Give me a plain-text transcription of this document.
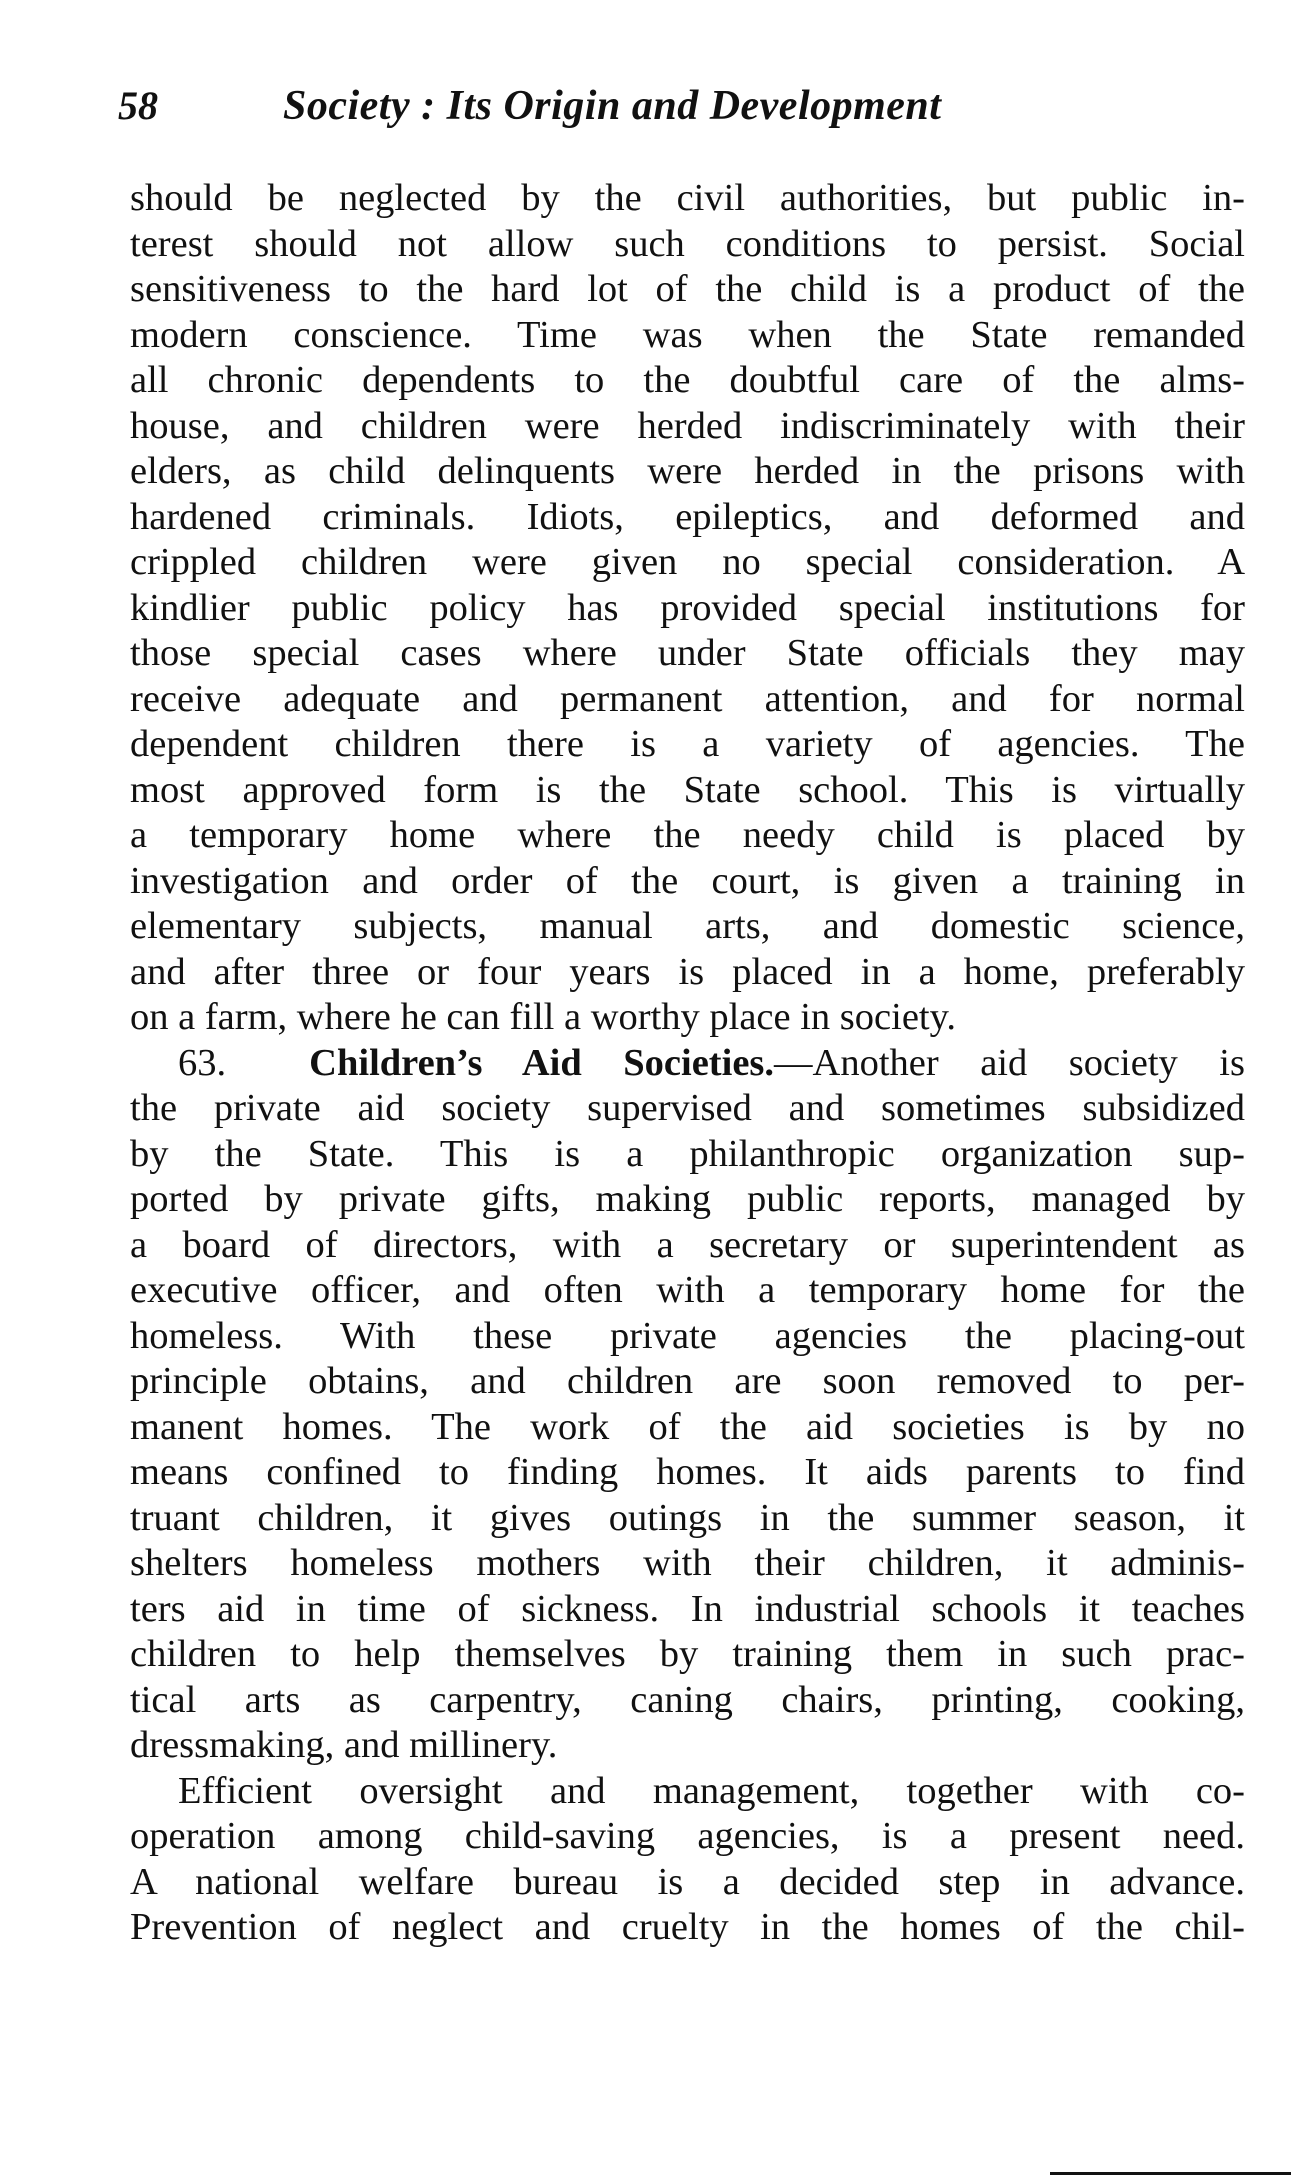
58	Society : Its Origin and Development
should be neglected by the civil authorities, but public in-
terest should not allow such conditions to persist. Social
sensitiveness to the hard lot of the child is a product of the
modern conscience. Time was when the State remanded
all chronic dependents to the doubtful care of the alms-
house, and children were herded indiscriminately with their
elders, as child delinquents were herded in the prisons with
hardened criminals. Idiots, epileptics, and deformed and
crippled children were given no special consideration. A
kindlier public policy has provided special institutions for
those special cases where under State officials they may
receive adequate and permanent attention, and for normal
dependent children there is a variety of agencies. The
most approved form is the State school. This is virtually
a temporary home where the needy child is placed by
investigation and order of the court, is given a training in
elementary subjects, manual arts, and domestic science,
and after three or four years is placed in a home, preferably
on a farm, where he can fill a worthy place in society.
63. Children’s Aid Societies.—Another aid society is
the private aid society supervised and sometimes subsidized
by the State. This is a philanthropic organization sup-
ported by private gifts, making public reports, managed by
a board of directors, with a secretary or superintendent as
executive officer, and often with a temporary home for the
homeless. With these private agencies the placing-out
principle obtains, and children are soon removed to per-
manent homes. The work of the aid societies is by no
means confined to finding homes. It aids parents to find
truant children, it gives outings in the summer season, it
shelters homeless mothers with their children, it adminis-
ters aid in time of sickness. In industrial schools it teaches
children to help themselves by training them in such prac-
tical arts as carpentry, caning chairs, printing, cooking,
dressmaking, and millinery.
Efficient oversight and management, together with co-
operation among child-saving agencies, is a present need.
A national welfare bureau is a decided step in advance.
Prevention of neglect and cruelty in the homes of the chil-
